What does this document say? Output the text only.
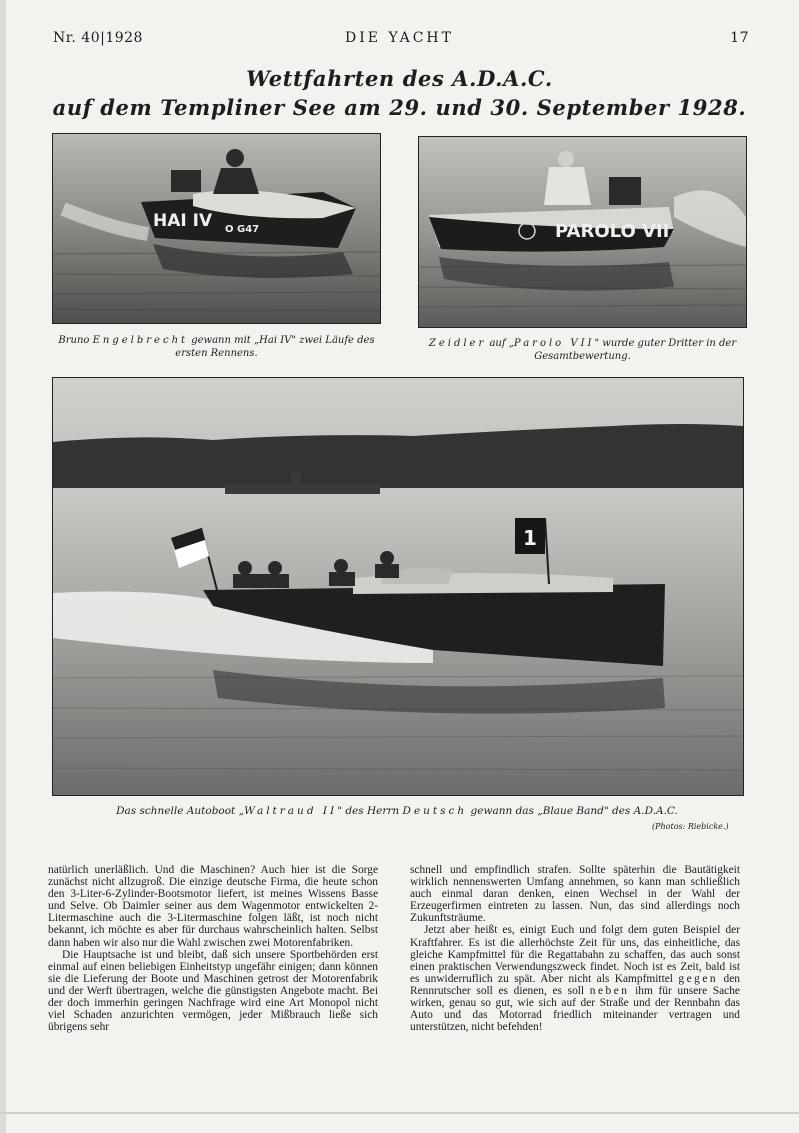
Nr. 40|1928	DIE YACHT	17
Wettfahrten des A.D.A.C.
auf dem Templiner See am 29. und 30. September 1928.
HAI IV O G47	PAROLO VII
Bruno Engelbrecht gewann mit „Hai IV" zwei Läufe des ersten Rennens.
Zeidler auf „Parolo VII" wurde guter Dritter in der Gesamtbewertung.
1
Das schnelle Autoboot „Waltraud II" des Herrn Deutsch gewann das „Blaue Band" des A.D.A.C.
(Photos: Riebicke.)

natürlich unerläßlich. Und die Maschinen? Auch hier ist die Sorge zunächst nicht allzugroß. Die einzige deutsche Firma, die heute schon den 3-Liter-6-Zylinder-Bootsmotor liefert, ist meines Wissens Basse und Selve. Ob Daimler seiner aus dem Wagenmotor entwickelten 2-Litermaschine auch die 3-Litermaschine folgen läßt, ist noch nicht bekannt, ich möchte es aber für durchaus wahrscheinlich halten. Selbst dann haben wir also nur die Wahl zwischen zwei Motorenfabriken.

Die Hauptsache ist und bleibt, daß sich unsere Sportbehörden erst einmal auf einen beliebigen Einheitstyp ungefähr einigen; dann können sie die Lieferung der Boote und Maschinen getrost der Motorenfabrik und der Werft übertragen, welche die günstigsten Angebote macht. Bei der doch immerhin geringen Nachfrage wird eine Art Monopol nicht viel Schaden anzurichten vermögen, jeder Mißbrauch ließe sich übrigens sehr

schnell und empfindlich strafen. Sollte späterhin die Bautätigkeit wirklich nennenswerten Umfang annehmen, so kann man schließlich auch einmal daran denken, einen Wechsel in der Wahl der Erzeugerfirmen eintreten zu lassen. Nun, das sind allerdings noch Zukunftsträume.

Jetzt aber heißt es, einigt Euch und folgt dem guten Beispiel der Kraftfahrer. Es ist die allerhöchste Zeit für uns, das einheitliche, das gleiche Kampfmittel für die Regattabahn zu schaffen, das auch sonst einen praktischen Verwendungszweck findet. Noch ist es Zeit, bald ist es unwiderruflich zu spät. Aber nicht als Kampfmittel gegen den Rennrutscher soll es dienen, es soll neben ihm für unsere Sache wirken, genau so gut, wie sich auf der Straße und der Rennbahn das Auto und das Motorrad friedlich miteinander vertragen und unterstützen, nicht befehden!
